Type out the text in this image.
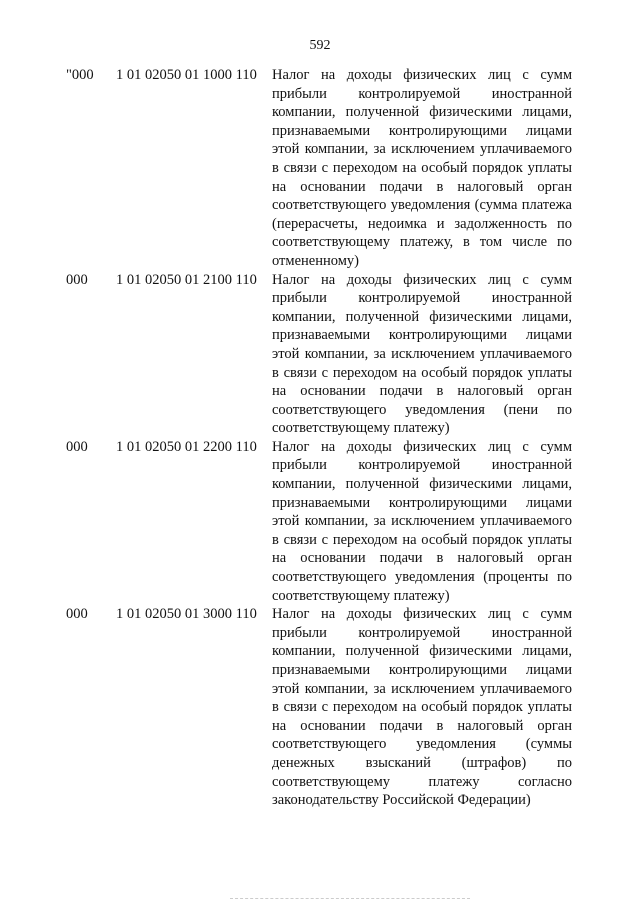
592
"000 1 01 02050 01 1000 110 Налог на доходы физических лиц с сумм прибыли контролируемой иностранной компании, полученной физическими лицами, признаваемыми контролирующими лицами этой компании, за исключением уплачиваемого в связи с переходом на особый порядок уплаты на основании подачи в налоговый орган соответствующего уведомления (сумма платежа (перерасчеты, недоимка и задолженность по соответствующему платежу, в том числе по отмененному)
000 1 01 02050 01 2100 110 Налог на доходы физических лиц с сумм прибыли контролируемой иностранной компании, полученной физическими лицами, признаваемыми контролирующими лицами этой компании, за исключением уплачиваемого в связи с переходом на особый порядок уплаты на основании подачи в налоговый орган соответствующего уведомления (пени по соответствующему платежу)
000 1 01 02050 01 2200 110 Налог на доходы физических лиц с сумм прибыли контролируемой иностранной компании, полученной физическими лицами, признаваемыми контролирующими лицами этой компании, за исключением уплачиваемого в связи с переходом на особый порядок уплаты на основании подачи в налоговый орган соответствующего уведомления (проценты по соответствующему платежу)
000 1 01 02050 01 3000 110 Налог на доходы физических лиц с сумм прибыли контролируемой иностранной компании, полученной физическими лицами, признаваемыми контролирующими лицами этой компании, за исключением уплачиваемого в связи с переходом на особый порядок уплаты на основании подачи в налоговый орган соответствующего уведомления (суммы денежных взысканий (штрафов) по соответствующему платежу согласно законодательству Российской Федерации)
